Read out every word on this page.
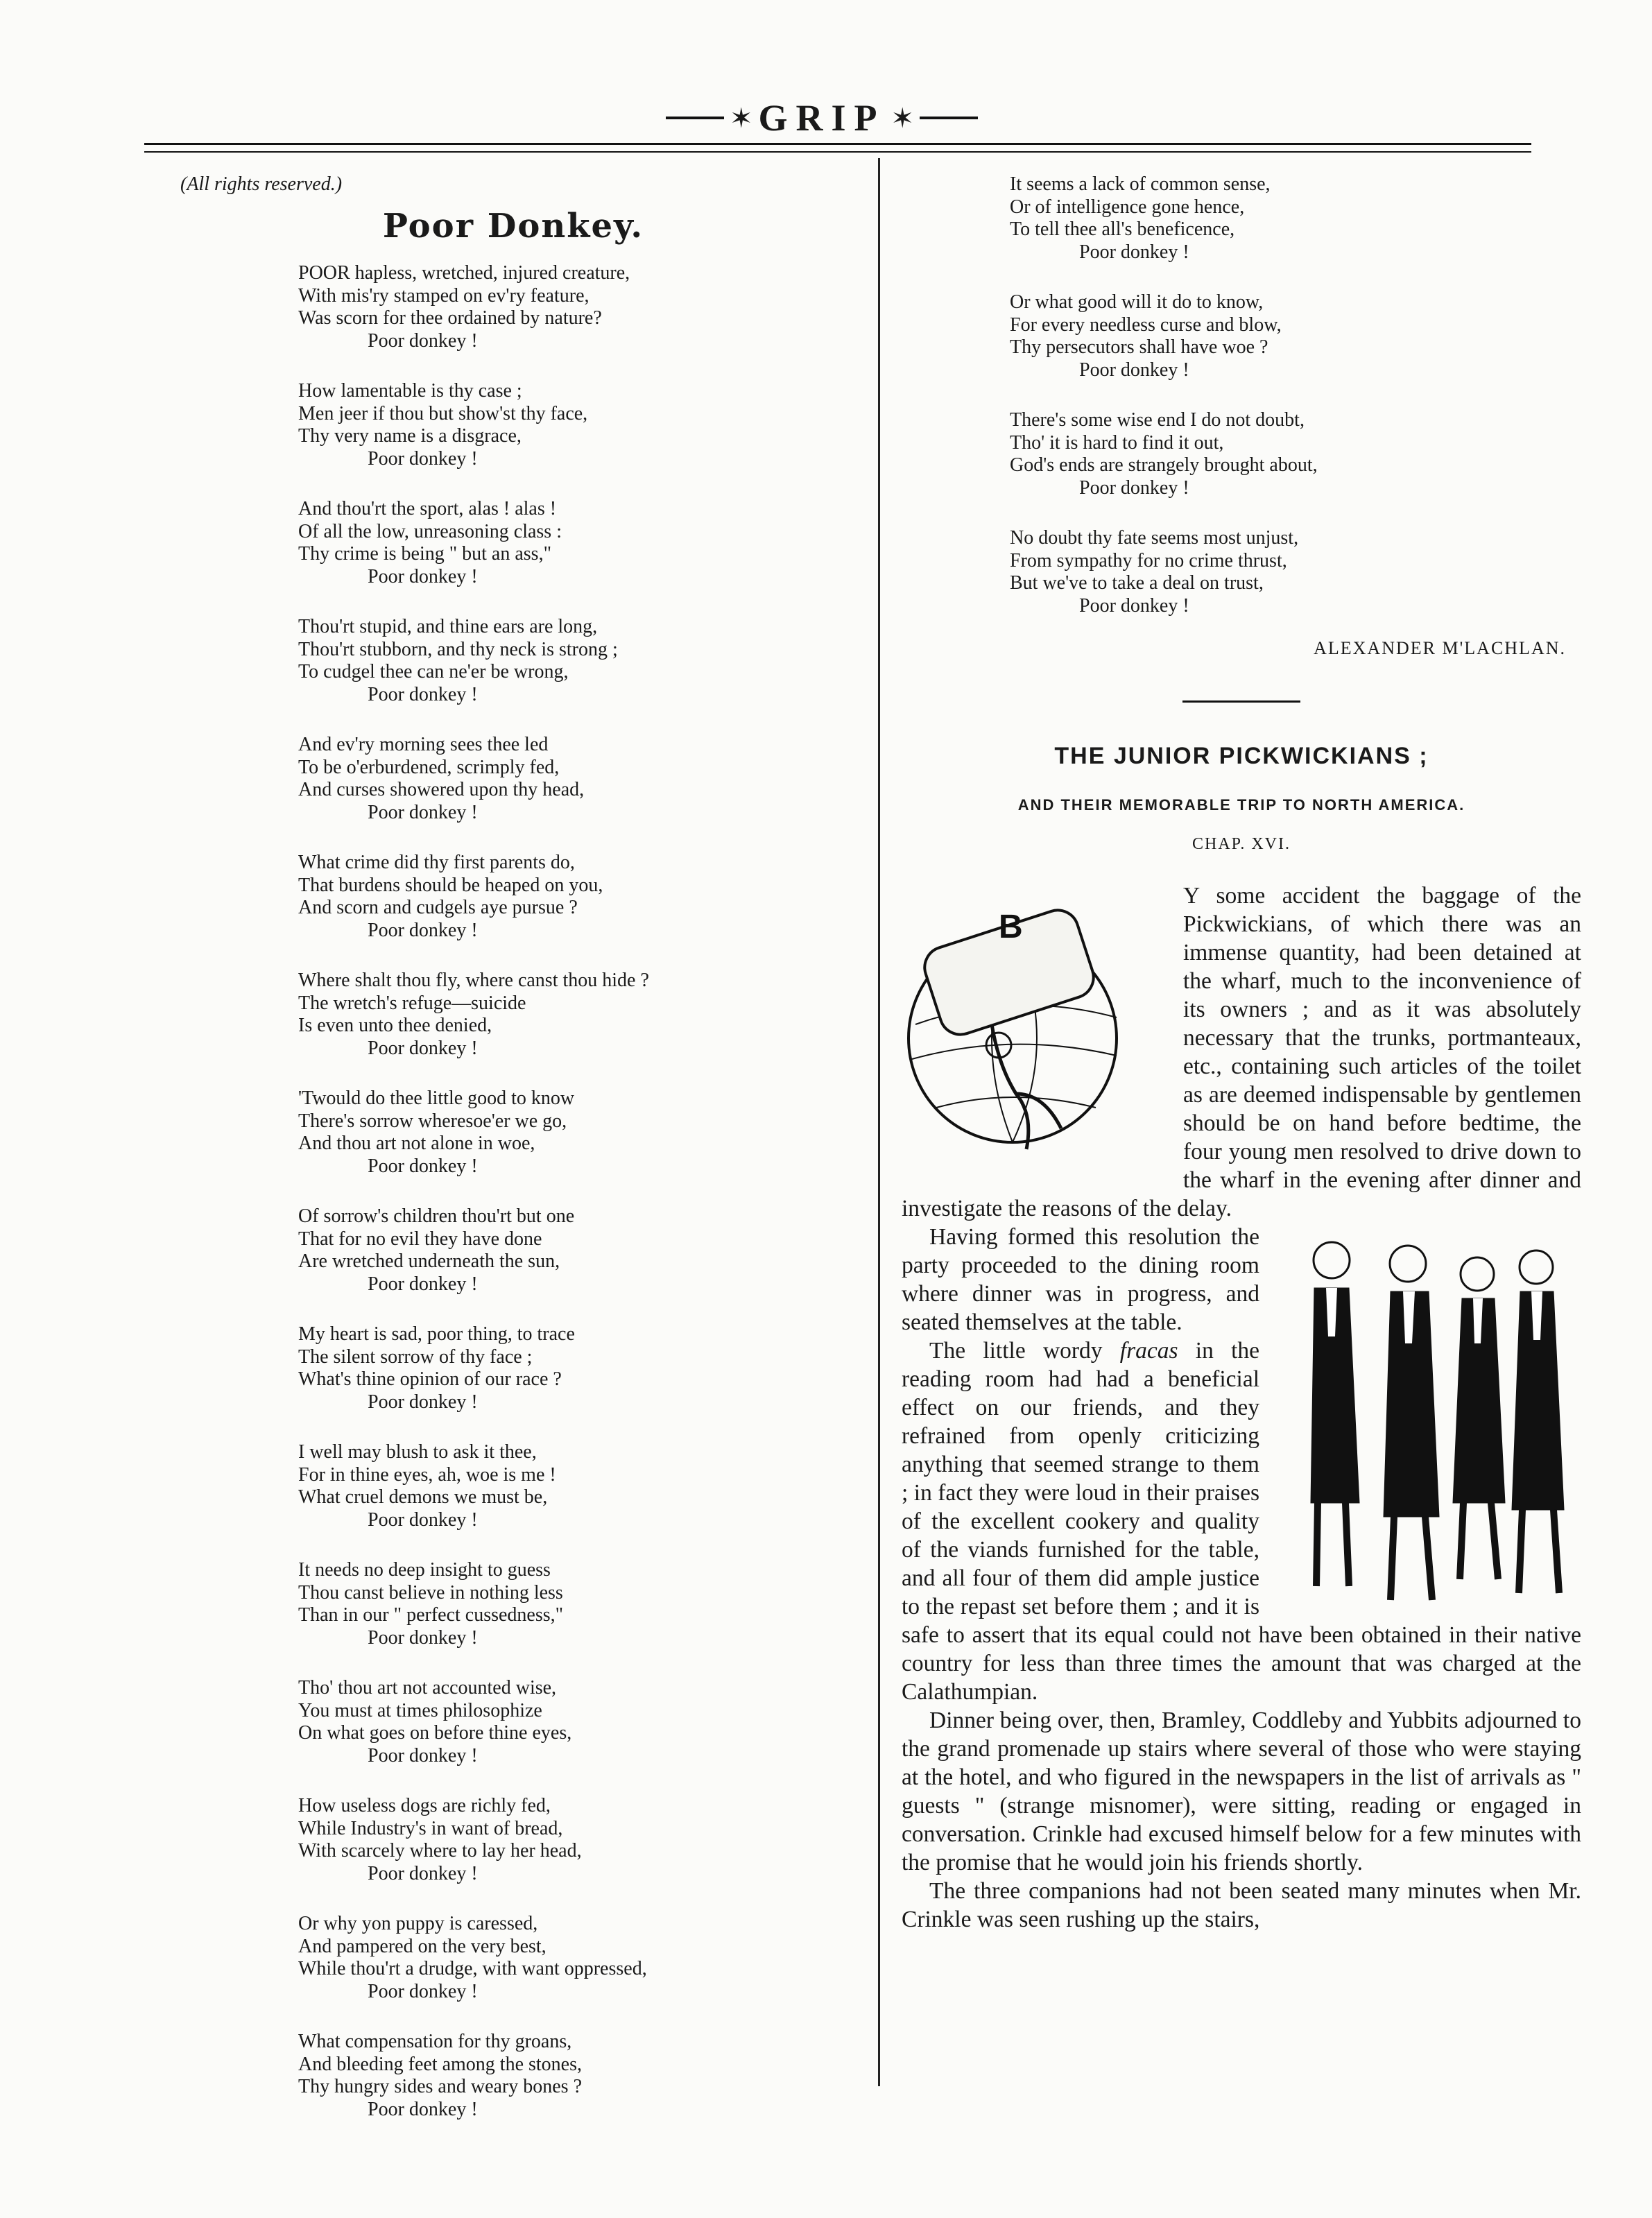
✶ GRIP ✶
(All rights reserved.)
Poor Donkey.
POOR hapless, wretched, injured creature,
With mis'ry stamped on ev'ry feature,
Was scorn for thee ordained by nature?
Poor donkey !
How lamentable is thy case ;
Men jeer if thou but show'st thy face,
Thy very name is a disgrace,
Poor donkey !
And thou'rt the sport, alas ! alas !
Of all the low, unreasoning class :
Thy crime is being " but an ass,"
Poor donkey !
Thou'rt stupid, and thine ears are long,
Thou'rt stubborn, and thy neck is strong ;
To cudgel thee can ne'er be wrong,
Poor donkey !
And ev'ry morning sees thee led
To be o'erburdened, scrimply fed,
And curses showered upon thy head,
Poor donkey !
What crime did thy first parents do,
That burdens should be heaped on you,
And scorn and cudgels aye pursue ?
Poor donkey !
Where shalt thou fly, where canst thou hide ?
The wretch's refuge—suicide
Is even unto thee denied,
Poor donkey !
'Twould do thee little good to know
There's sorrow wheresoe'er we go,
And thou art not alone in woe,
Poor donkey !
Of sorrow's children thou'rt but one
That for no evil they have done
Are wretched underneath the sun,
Poor donkey !
My heart is sad, poor thing, to trace
The silent sorrow of thy face ;
What's thine opinion of our race ?
Poor donkey !
I well may blush to ask it thee,
For in thine eyes, ah, woe is me !
What cruel demons we must be,
Poor donkey !
It needs no deep insight to guess
Thou canst believe in nothing less
Than in our " perfect cussedness,"
Poor donkey !
Tho' thou art not accounted wise,
You must at times philosophize
On what goes on before thine eyes,
Poor donkey !
How useless dogs are richly fed,
While Industry's in want of bread,
With scarcely where to lay her head,
Poor donkey !
Or why yon puppy is caressed,
And pampered on the very best,
While thou'rt a drudge, with want oppressed,
Poor donkey !
What compensation for thy groans,
And bleeding feet among the stones,
Thy hungry sides and weary bones ?
Poor donkey !
It seems a lack of common sense,
Or of intelligence gone hence,
To tell thee all's beneficence,
Poor donkey !
Or what good will it do to know,
For every needless curse and blow,
Thy persecutors shall have woe ?
Poor donkey !
There's some wise end I do not doubt,
Tho' it is hard to find it out,
God's ends are strangely brought about,
Poor donkey !
No doubt thy fate seems most unjust,
From sympathy for no crime thrust,
But we've to take a deal on trust,
Poor donkey !
ALEXANDER M'LACHLAN.
THE JUNIOR PICKWICKIANS ;
AND THEIR MEMORABLE TRIP TO NORTH AMERICA.
CHAP. XVI.
B

Y some accident the baggage of the Pickwickians, of which there was an immense quantity, had been detained at the wharf, much to the inconvenience of its owners ; and as it was absolutely necessary that the trunks, portmanteaux, etc., containing such articles of the toilet as are deemed indispensable by gentlemen should be on hand before bedtime, the four young men resolved to drive down to the wharf in the evening after dinner and investigate the reasons of the delay.

Having formed this resolution the party proceeded to the dining room where dinner was in progress, and seated themselves at the table.

The little wordy fracas in the reading room had had a beneficial effect on our friends, and they refrained from openly criticizing anything that seemed strange to them ; in fact they were loud in their praises of the excellent cookery and quality of the viands furnished for the table, and all four of them did ample justice to the repast set before them ; and it is safe to assert that its equal could not have been obtained in their native country for less than three times the amount that was charged at the Calathumpian.

Dinner being over, then, Bramley, Coddleby and Yubbits adjourned to the grand promenade up stairs where several of those who were staying at the hotel, and who figured in the newspapers in the list of arrivals as " guests " (strange misnomer), were sitting, reading or engaged in conversation. Crinkle had excused himself below for a few minutes with the promise that he would join his friends shortly.

The three companions had not been seated many minutes when Mr. Crinkle was seen rushing up the stairs,
